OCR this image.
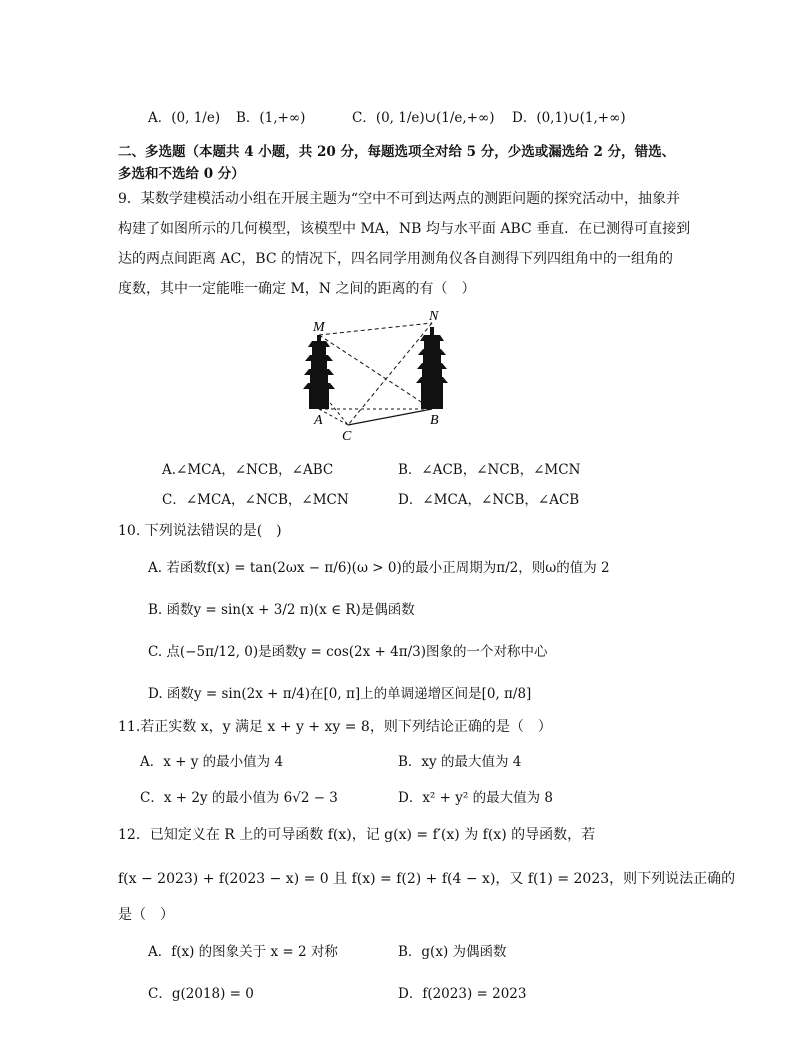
A．(0, 1/e) B．(1,+∞)	C．(0, 1/e)∪(1/e,+∞) D．(0,1)∪(1,+∞)
二、多选题（本题共 4 小题，共 20 分，每题选项全对给 5 分，少选或漏选给 2 分，错选、
多选和不选给 0 分）
9．某数学建模活动小组在开展主题为“空中不可到达两点的测距问题的探究活动中，抽象并
构建了如图所示的几何模型，该模型中 MA，NB 均与水平面 ABC 垂直．在已测得可直接到
达的两点间距离 AC，BC 的情况下，四名同学用测角仪各自测得下列四组角中的一组角的
度数，其中一定能唯一确定 M，N 之间的距离的有（　）
M
N
A	B
C
A.∠MCA，∠NCB，∠ABC	B．∠ACB，∠NCB，∠MCN
C．∠MCA，∠NCB，∠MCN	D．∠MCA，∠NCB，∠ACB
10. 下列说法错误的是(　)
A. 若函数f(x) = tan(2ωx − π/6)(ω > 0)的最小正周期为π/2，则ω的值为 2
B. 函数y = sin(x + 3/2 π)(x ∈ R)是偶函数
C. 点(−5π/12, 0)是函数y = cos(2x + 4π/3)图象的一个对称中心
D. 函数y = sin(2x + π/4)在[0, π]上的单调递增区间是[0, π/8]
11.若正实数 x，y 满足 x + y + xy = 8，则下列结论正确的是（　）
A．x + y 的最小值为 4	B．xy 的最大值为 4
C．x + 2y 的最小值为 6√2 − 3	D．x² + y² 的最大值为 8
12．已知定义在 R 上的可导函数 f(x)，记 g(x) = f′(x) 为 f(x) 的导函数，若
f(x − 2023) + f(2023 − x) = 0 且 f(x) = f(2) + f(4 − x)，又 f(1) = 2023，则下列说法正确的
是（　）
A．f(x) 的图象关于 x = 2 对称	B．g(x) 为偶函数
C．g(2018) = 0	D．f(2023) = 2023
